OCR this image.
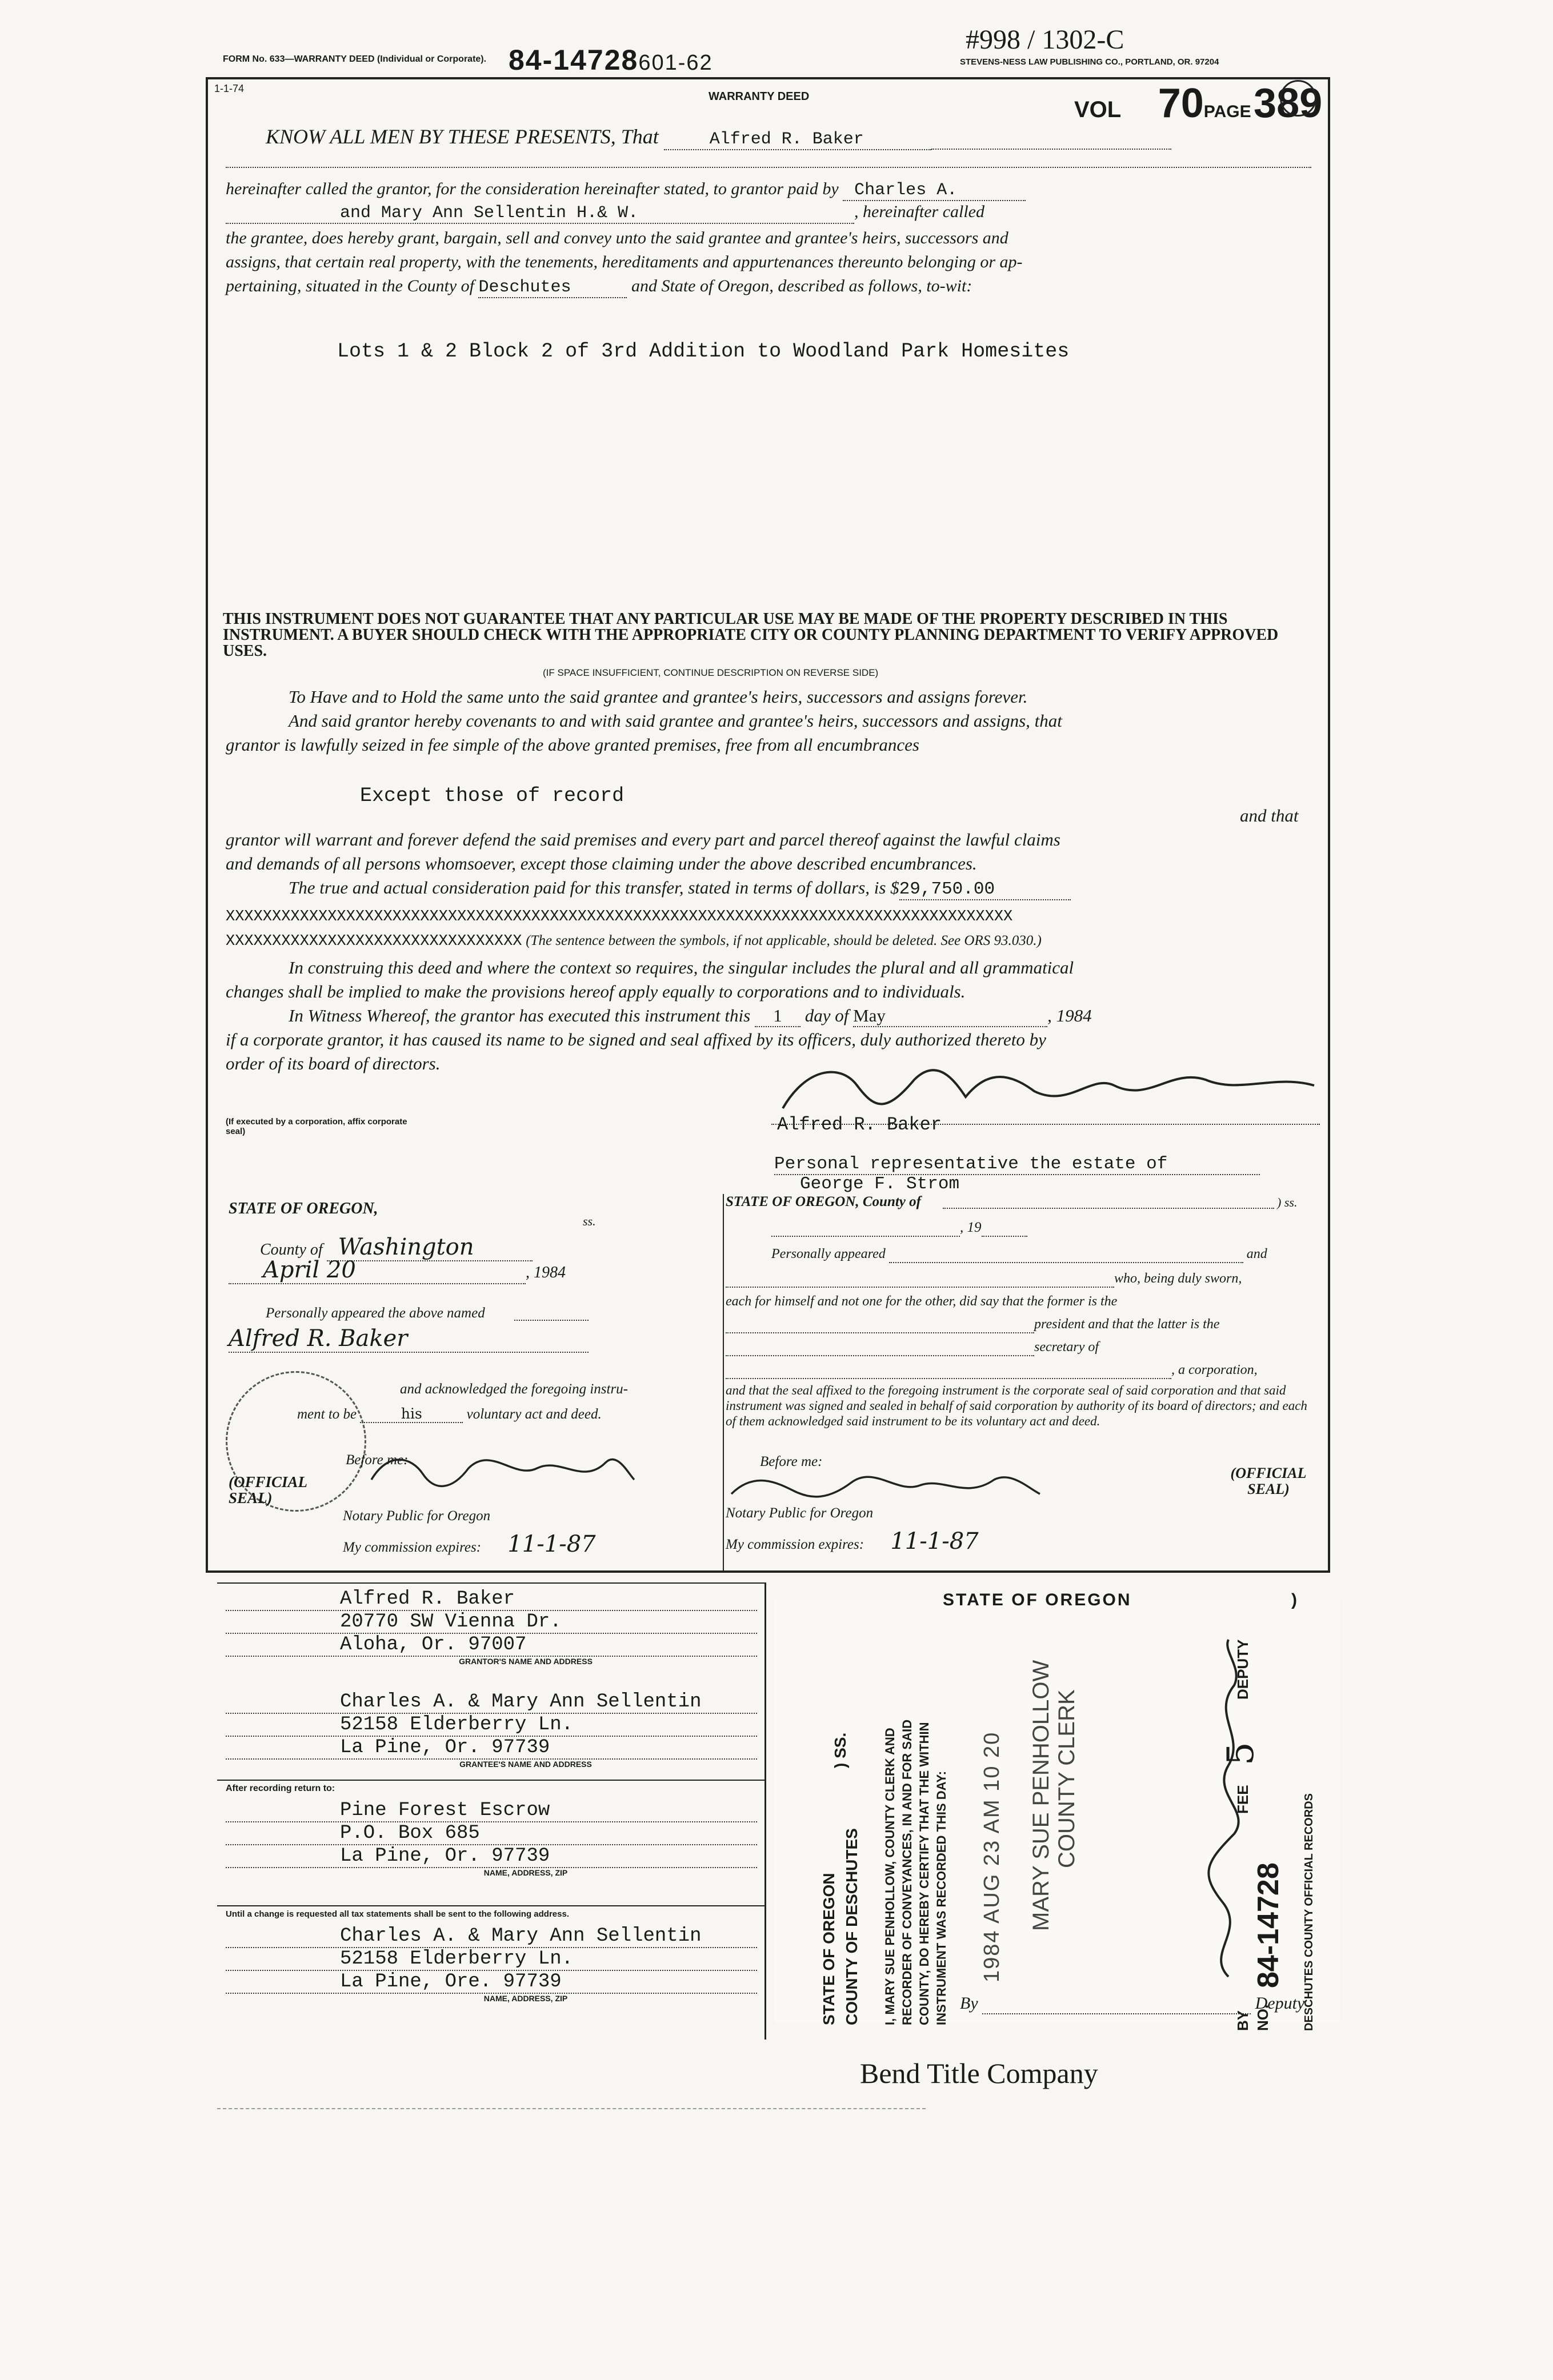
#998 / 1302-C
FORM No. 633—WARRANTY DEED (Individual or Corporate). 84-14728601-62	STEVENS-NESS LAW PUBLISHING CO., PORTLAND, OR. 97204
1-1-74
WARRANTY DEED
VOL 70PAGE 389
KNOW ALL MEN BY THESE PRESENTS, That	Alfred R. Baker
hereinafter called the grantor, for the consideration hereinafter stated, to grantor paid by Charles A.
and Mary Ann Sellentin H.& W.	, hereinafter called
the grantee, does hereby grant, bargain, sell and convey unto the said grantee and grantee's heirs, successors and
assigns, that certain real property, with the tenements, hereditaments and appurtenances thereunto belonging or ap-
pertaining, situated in the County of Deschutes	and State of Oregon, described as follows, to-wit:
Lots 1 & 2 Block 2 of 3rd Addition to Woodland Park Homesites
THIS INSTRUMENT DOES NOT GUARANTEE THAT ANY PARTICULAR USE MAY BE MADE OF THE PROPERTY DESCRIBED IN THIS INSTRUMENT. A BUYER SHOULD CHECK WITH THE APPROPRIATE CITY OR COUNTY PLANNING DEPARTMENT TO VERIFY APPROVED USES.
(IF SPACE INSUFFICIENT, CONTINUE DESCRIPTION ON REVERSE SIDE)
To Have and to Hold the same unto the said grantee and grantee's heirs, successors and assigns forever.
And said grantor hereby covenants to and with said grantee and grantee's heirs, successors and assigns, that
grantor is lawfully seized in fee simple of the above granted premises, free from all encumbrances
Except those of record
and that
grantor will warrant and forever defend the said premises and every part and parcel thereof against the lawful claims
and demands of all persons whomsoever, except those claiming under the above described encumbrances.
The true and actual consideration paid for this transfer, stated in terms of dollars, is $29,750.00
XXXXXXXXXXXXXXXXXXXXXXXXXXXXXXXXXXXXXXXXXXXXXXXXXXXXXXXXXXXXXXXXXXXXXXXXXXXXXXXXXXXXX
XXXXXXXXXXXXXXXXXXXXXXXXXXXXXXXX (The sentence between the symbols, if not applicable, should be deleted. See ORS 93.030.)
In construing this deed and where the context so requires, the singular includes the plural and all grammatical
changes shall be implied to make the provisions hereof apply equally to corporations and to individuals.
In Witness Whereof, the grantor has executed this instrument this 1 day of May	, 1984
if a corporate grantor, it has caused its name to be signed and seal affixed by its officers, duly authorized thereto by
order of its board of directors.
(If executed by a corporation, affix corporate seal)	Alfred R. Baker
Personal representative the estate of
George F. Strom
STATE OF OREGON,
ss.
County of Washington
April 20	, 1984
Personally appeared the above named
Alfred R. Baker
and acknowledged the foregoing instru-
ment to be	his	voluntary act and deed.
Before me:
(OFFICIAL SEAL)
Notary Public for Oregon
My commission expires: 11-1-87
STATE OF OREGON, County of	) ss.
, 19
Personally appeared	and
who, being duly sworn,
each for himself and not one for the other, did say that the former is the
president and that the latter is the
secretary of
, a corporation,
and that the seal affixed to the foregoing instrument is the corporate seal of said corporation and that said instrument was signed and sealed in behalf of said corporation by authority of its board of directors; and each of them acknowledged said instrument to be its voluntary act and deed.
Before me:
(OFFICIAL SEAL)
Notary Public for Oregon
My commission expires: 11-1-87
Alfred R. Baker
20770 SW Vienna Dr.
Aloha, Or. 97007
GRANTOR'S NAME AND ADDRESS
Charles A. & Mary Ann Sellentin
52158 Elderberry Ln.
La Pine, Or. 97739
GRANTEE'S NAME AND ADDRESS
After recording return to:
Pine Forest Escrow
P.O. Box 685
La Pine, Or. 97739
NAME, ADDRESS, ZIP
Until a change is requested all tax statements shall be sent to the following address.
Charles A. & Mary Ann Sellentin
52158 Elderberry Ln.
La Pine, Ore. 97739
NAME, ADDRESS, ZIP
STATE OF OREGON	)
STATE OF OREGON COUNTY OF DESCHUTES
) SS.	I, MARY SUE PENHOLLOW, COUNTY CLERK AND RECORDER OF CONVEYANCES, IN AND FOR SAID COUNTY, DO HEREBY CERTIFY THAT THE WITHIN INSTRUMENT WAS RECORDED THIS DAY: 1984 AUG 23 AM 10 20 MARY SUE PENHOLLOW COUNTY CLERK
DEPUTY
BY
FEE
5
NO.
84-14728 DESCHUTES COUNTY OFFICIAL RECORDS
By	Deputy
Bend Title Company
